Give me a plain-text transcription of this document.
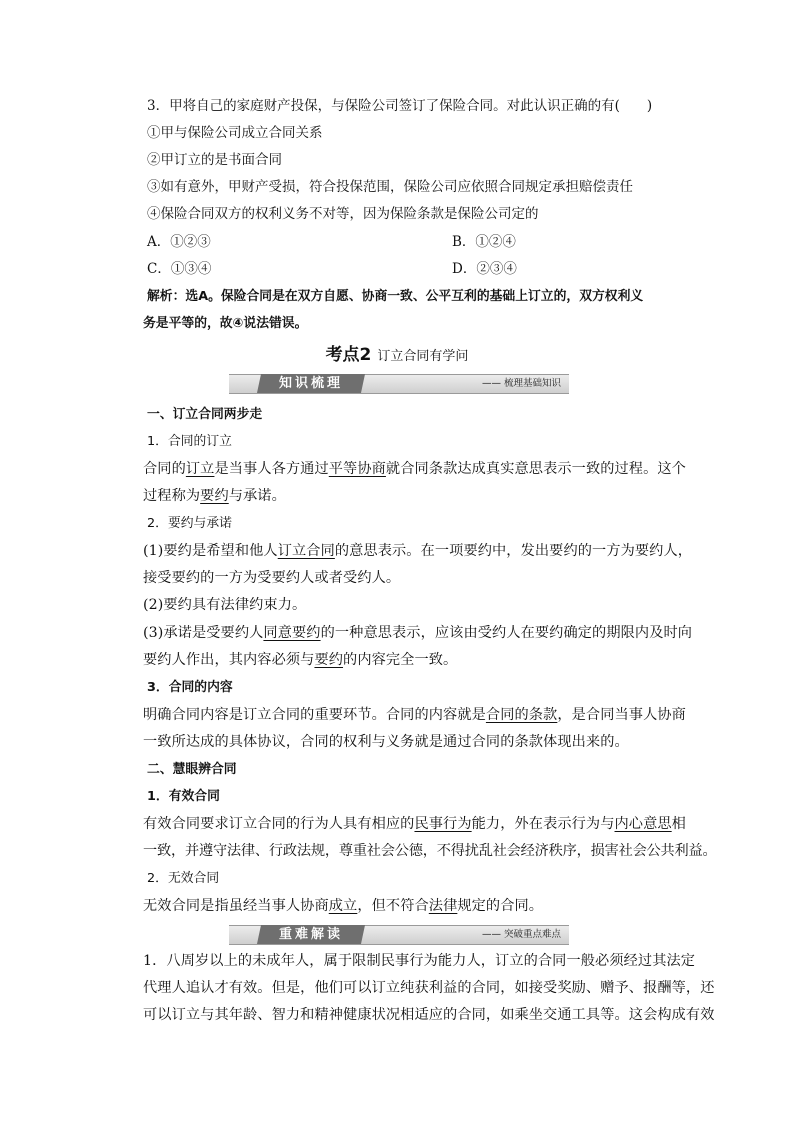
3．甲将自己的家庭财产投保，与保险公司签订了保险合同。对此认识正确的有(　　)
①甲与保险公司成立合同关系
②甲订立的是书面合同
③如有意外，甲财产受损，符合投保范围，保险公司应依照合同规定承担赔偿责任
④保险合同双方的权利义务不对等，因为保险条款是保险公司定的
A．①②③	B．①②④
C．①③④	D．②③④
解析：选A。保险合同是在双方自愿、协商一致、公平互利的基础上订立的，双方权利义
务是平等的，故④说法错误。
考点2 订立合同有学问
知识梳理	—— 梳理基础知识
一、订立合同两步走
1．合同的订立
合同的订立是当事人各方通过平等协商就合同条款达成真实意思表示一致的过程。这个
过程称为要约与承诺。
2．要约与承诺
(1)要约是希望和他人订立合同的意思表示。在一项要约中，发出要约的一方为要约人，
接受要约的一方为受要约人或者受约人。
(2)要约具有法律约束力。
(3)承诺是受要约人同意要约的一种意思表示，应该由受约人在要约确定的期限内及时向
要约人作出，其内容必须与要约的内容完全一致。
3．合同的内容
明确合同内容是订立合同的重要环节。合同的内容就是合同的条款，是合同当事人协商
一致所达成的具体协议，合同的权利与义务就是通过合同的条款体现出来的。
二、慧眼辨合同
1．有效合同
有效合同要求订立合同的行为人具有相应的民事行为能力，外在表示行为与内心意思相
一致，并遵守法律、行政法规，尊重社会公德，不得扰乱社会经济秩序，损害社会公共利益。
2．无效合同
无效合同是指虽经当事人协商成立，但不符合法律规定的合同。
重难解读	—— 突破重点难点
1．八周岁以上的未成年人，属于限制民事行为能力人，订立的合同一般必须经过其法定
代理人追认才有效。但是，他们可以订立纯获利益的合同，如接受奖励、赠予、报酬等，还
可以订立与其年龄、智力和精神健康状况相适应的合同，如乘坐交通工具等。这会构成有效
